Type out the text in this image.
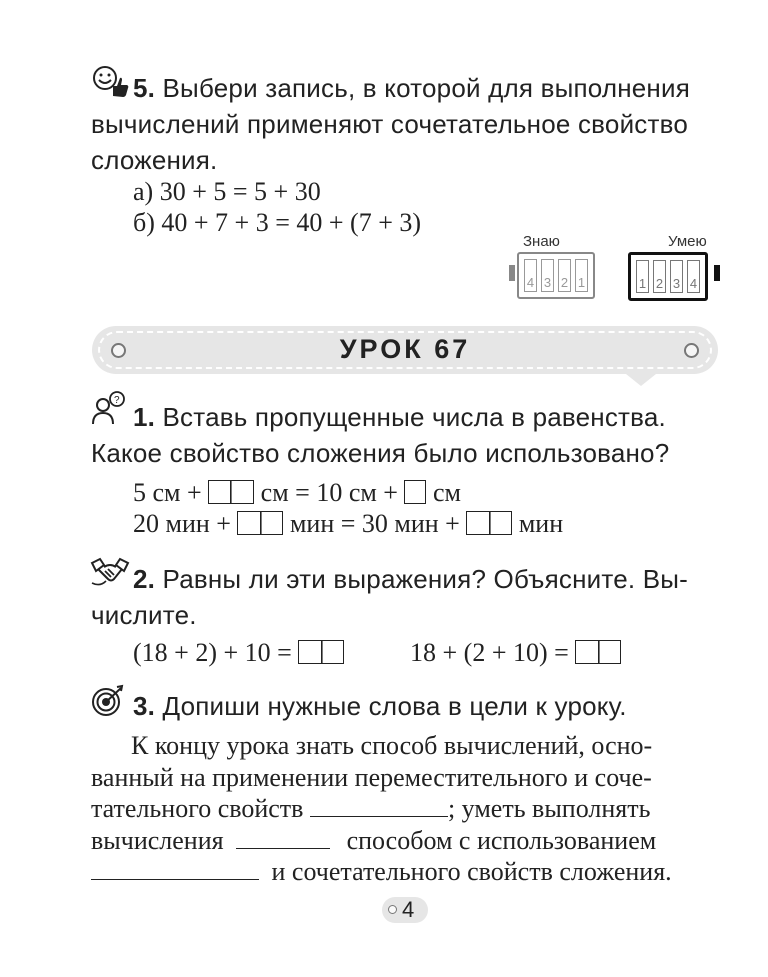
5. Выбери запись, в которой для выполнения
вычислений применяют сочетательное свойство
сложения.
а) 30 + 5 = 5 + 30
б) 40 + 7 + 3 = 40 + (7 + 3)
Знаю
4 3 2 1
Умею
1 2 3 4
УРОК 67
?
1. Вставь пропущенные числа в равенства.
Какое свойство сложения было использовано?
5 см + см = 10 см + см
20 мин + мин = 30 мин + мин
2. Равны ли эти выражения? Объясните. Вы-
числите.
(18 + 2) + 10 =	18 + (2 + 10) =
3. Допиши нужные слова в цели к уроку.
К концу урока знать способ вычислений, осно-
ванный на применении переместительного и соче-
тательного свойств	; уметь выполнять
вычисления	способом с использованием
и сочетательного свойств сложения.
4
